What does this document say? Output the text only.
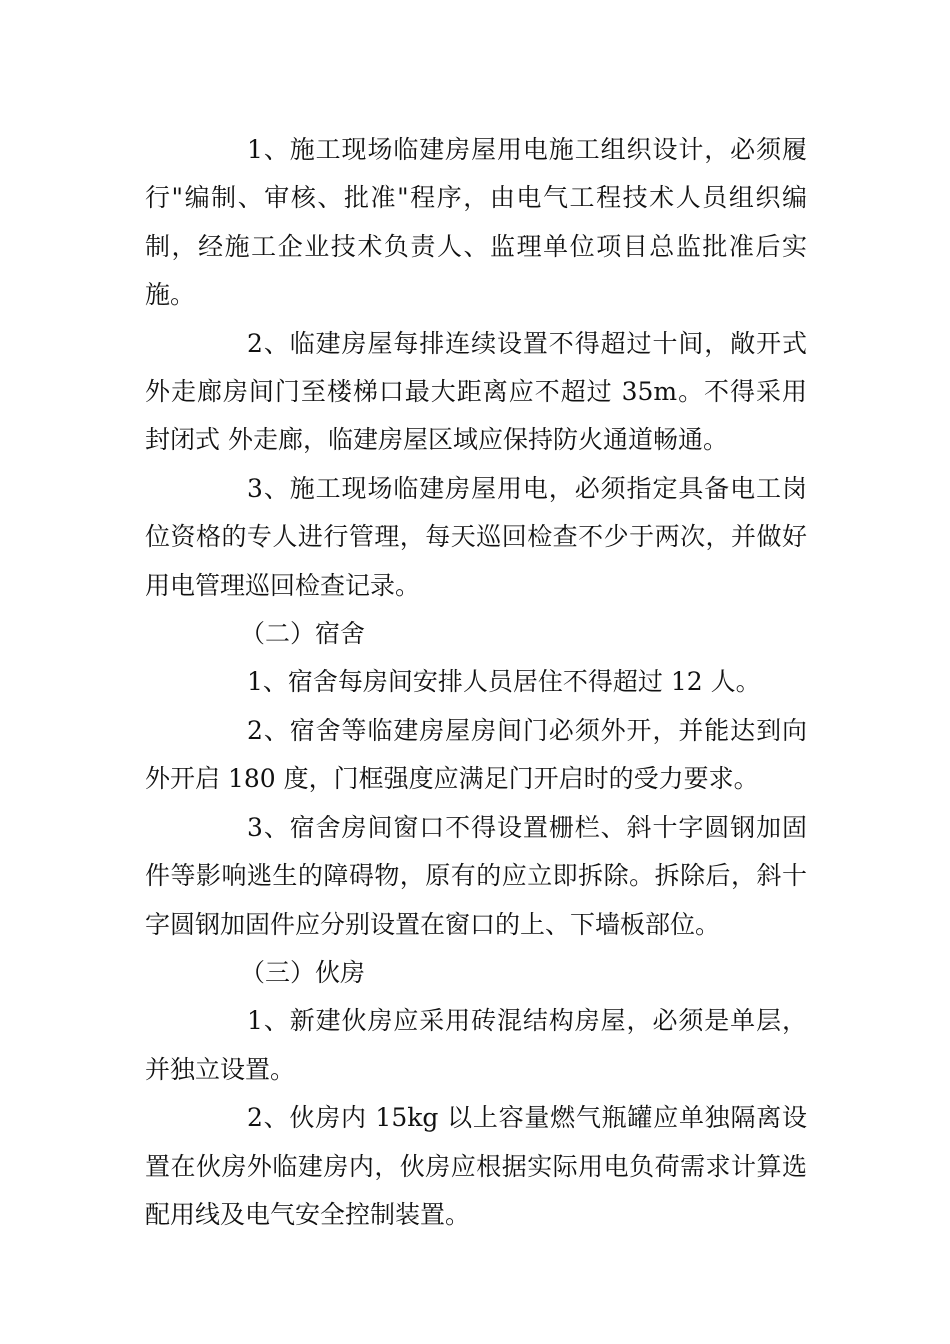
1、施工现场临建房屋用电施工组织设计，必须履行"编制、审核、批准"程序，由电气工程技术人员组织编制，经施工企业技术负责人、监理单位项目总监批准后实施。

2、临建房屋每排连续设置不得超过十间，敞开式外走廊房间门至楼梯口最大距离应不超过 35m。不得采用封闭式 外走廊，临建房屋区域应保持防火通道畅通。

3、施工现场临建房屋用电，必须指定具备电工岗位资格的专人进行管理，每天巡回检查不少于两次，并做好用电管理巡回检查记录。

（二）宿舍

1、宿舍每房间安排人员居住不得超过 12 人。

2、宿舍等临建房屋房间门必须外开，并能达到向外开启 180 度，门框强度应满足门开启时的受力要求。

3、宿舍房间窗口不得设置栅栏、斜十字圆钢加固件等影响逃生的障碍物，原有的应立即拆除。拆除后，斜十字圆钢加固件应分别设置在窗口的上、下墙板部位。

（三）伙房

1、新建伙房应采用砖混结构房屋，必须是单层，并独立设置。

2、伙房内 15kg 以上容量燃气瓶罐应单独隔离设置在伙房外临建房内，伙房应根据实际用电负荷需求计算选配用线及电气安全控制装置。
